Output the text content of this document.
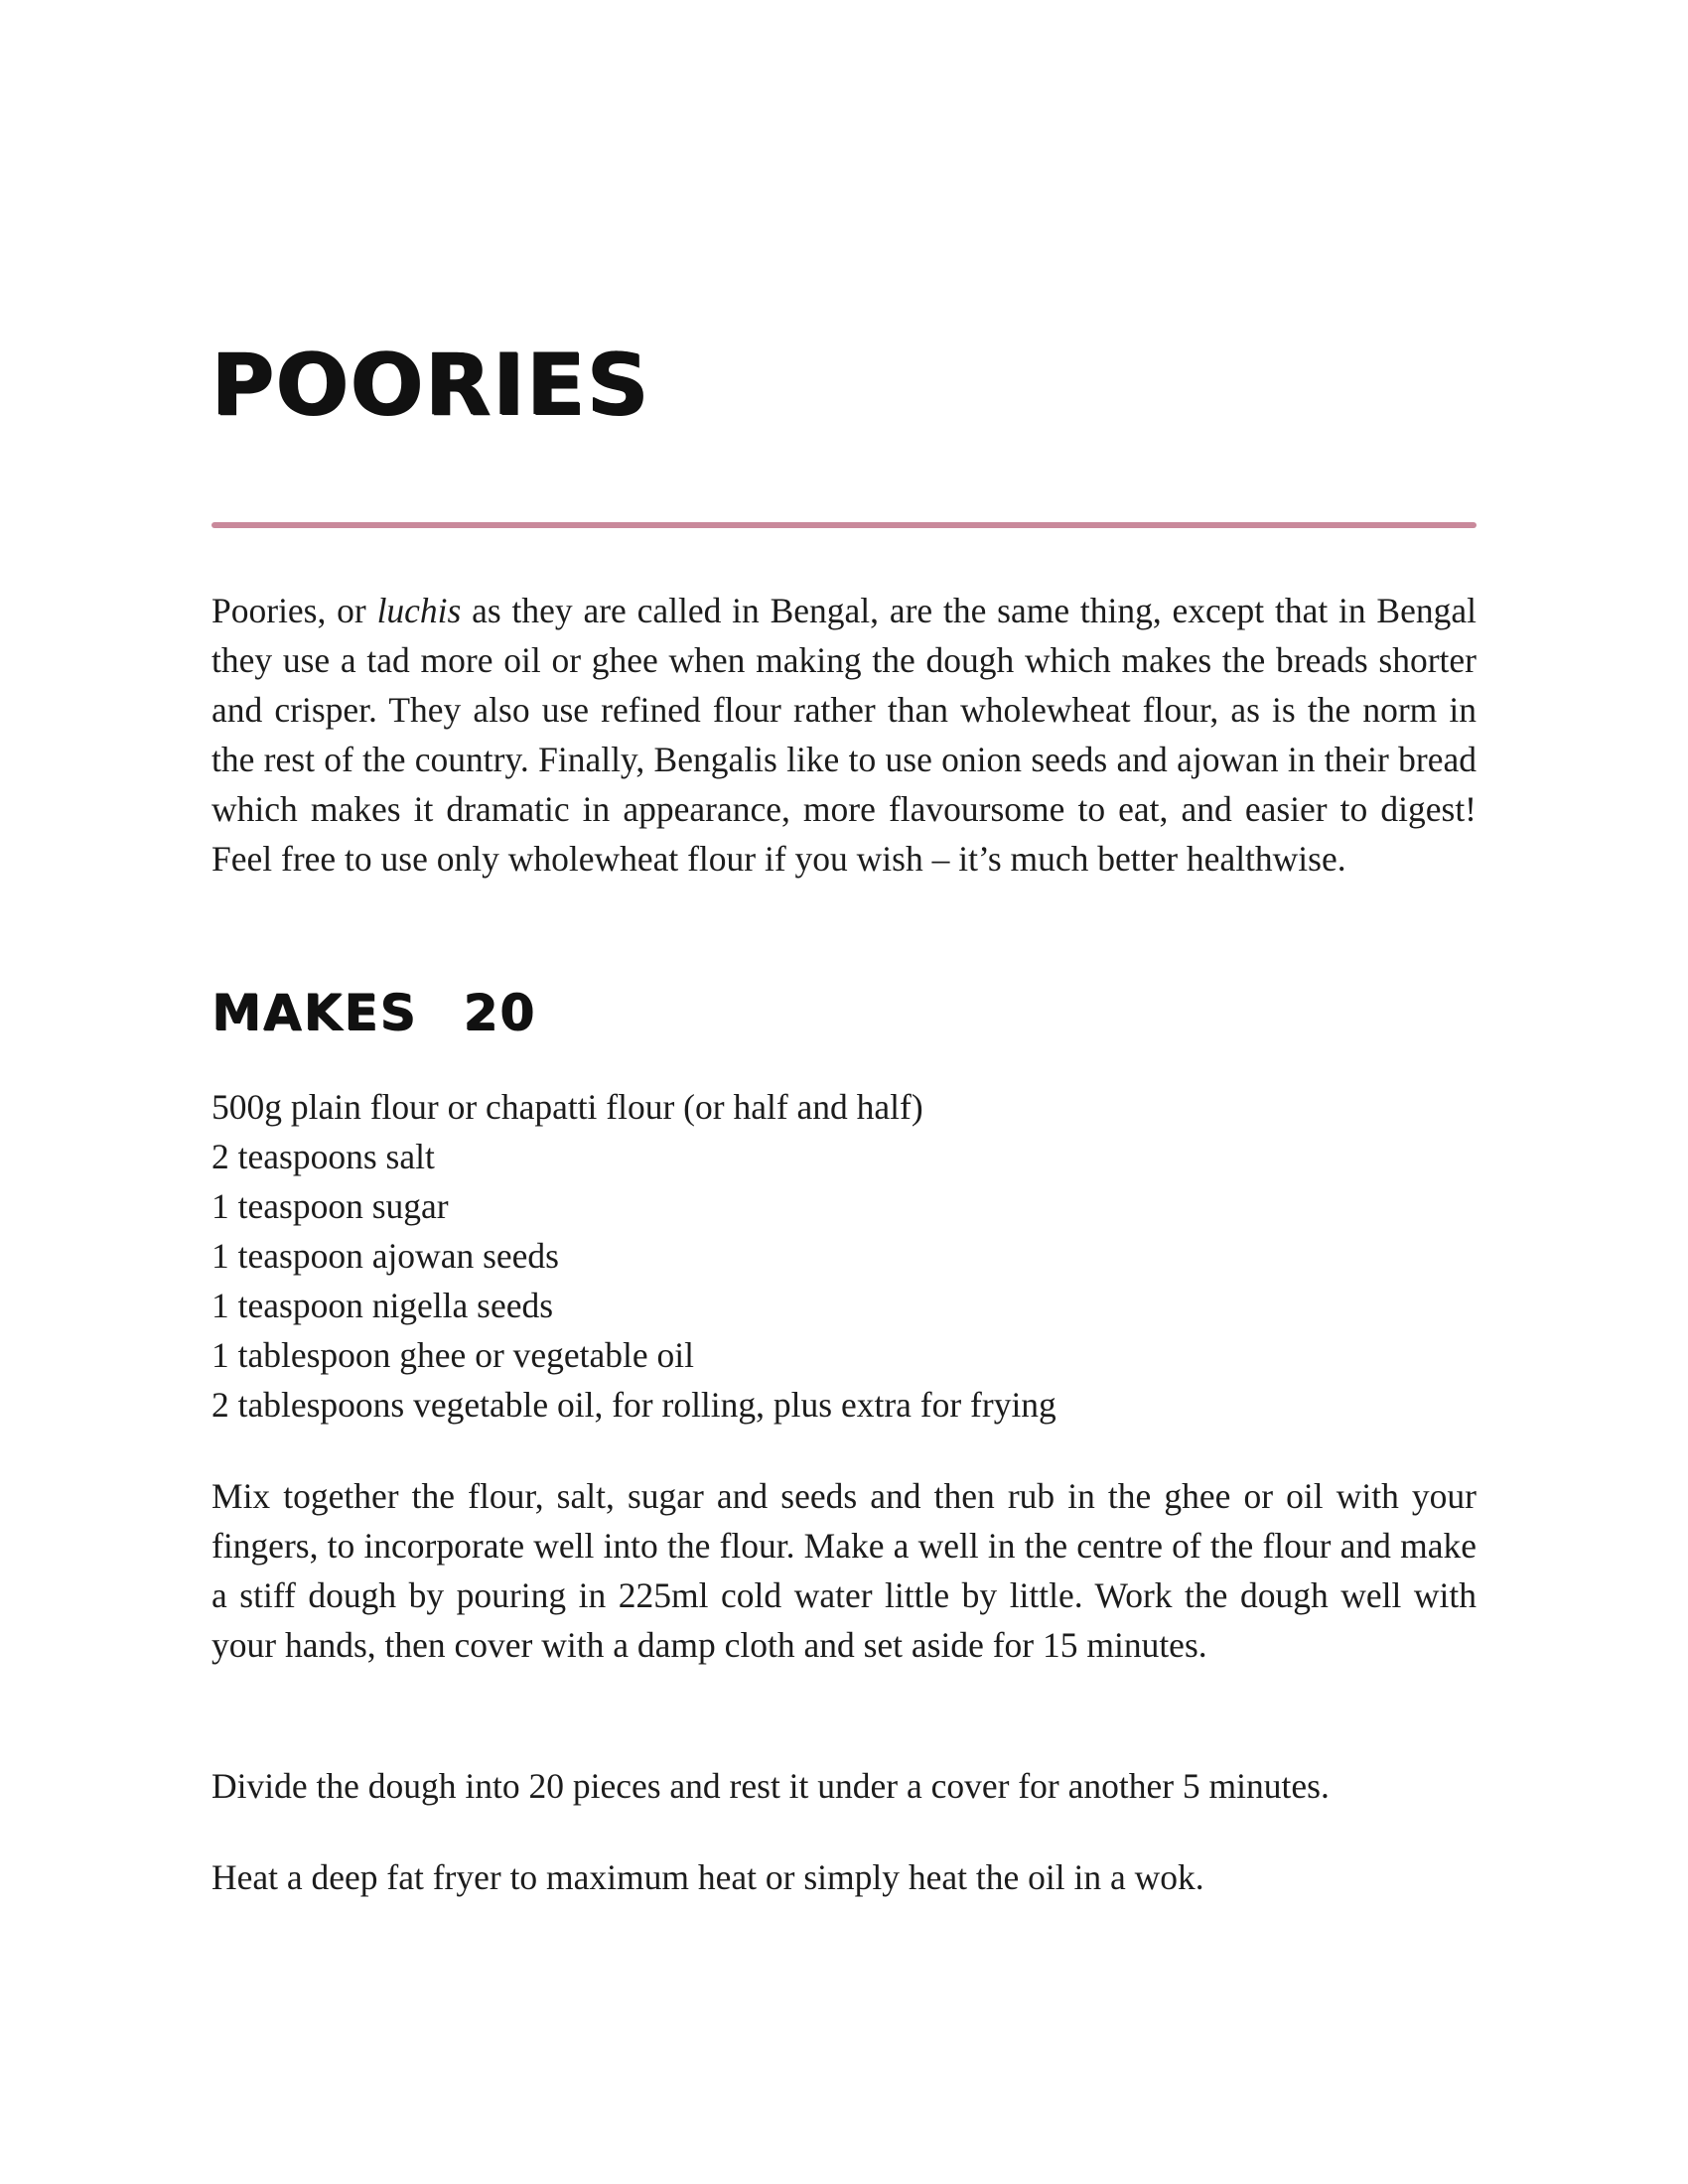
POORIES

Poories, or luchis as they are called in Bengal, are the same thing, except that in Bengal they use a tad more oil or ghee when making the dough which makes the breads shorter and crisper. They also use refined flour rather than wholewheat flour, as is the norm in the rest of the country. Finally, Bengalis like to use onion seeds and ajowan in their bread which makes it dramatic in appearance, more flavoursome to eat, and easier to digest! Feel free to use only wholewheat flour if you wish – it’s much better healthwise.

MAKES 20
500g plain flour or chapatti flour (or half and half)
2 teaspoons salt
1 teaspoon sugar
1 teaspoon ajowan seeds
1 teaspoon nigella seeds
1 tablespoon ghee or vegetable oil
2 tablespoons vegetable oil, for rolling, plus extra for frying

Mix together the flour, salt, sugar and seeds and then rub in the ghee or oil with your fingers, to incorporate well into the flour. Make a well in the centre of the flour and make a stiff dough by pouring in 225ml cold water little by little. Work the dough well with your hands, then cover with a damp cloth and set aside for 15 minutes.

Divide the dough into 20 pieces and rest it under a cover for another 5 minutes.

Heat a deep fat fryer to maximum heat or simply heat the oil in a wok.
